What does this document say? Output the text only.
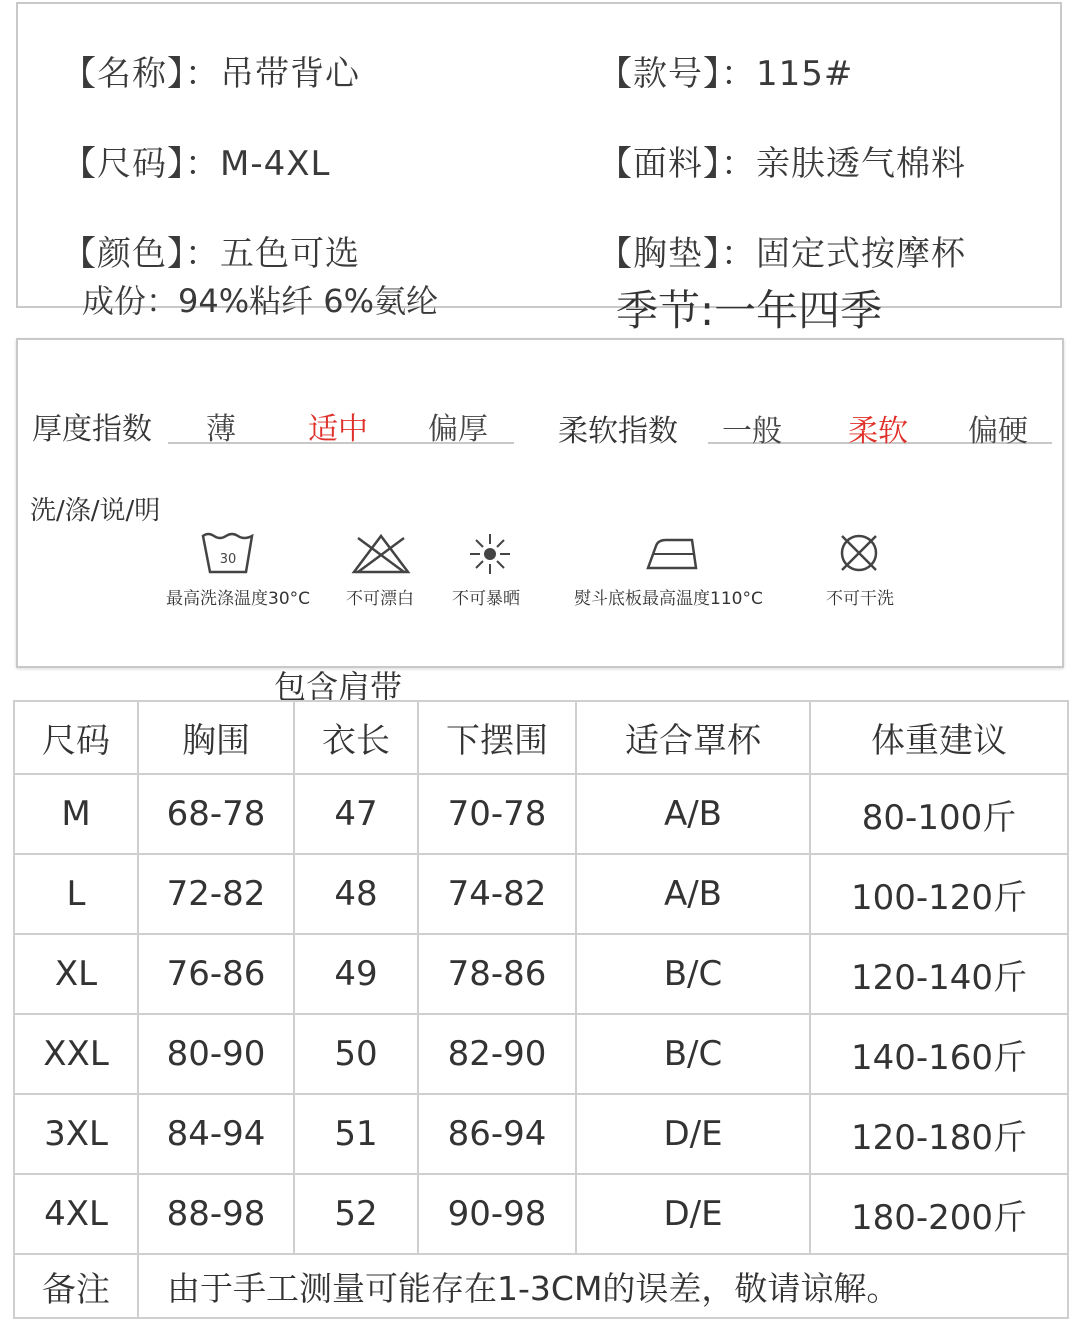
【名称】：吊带背心	【款号】：115#
【尺码】：M-4XL	【面料】：亲肤透气棉料
【颜色】：五色可选	【胸垫】：固定式按摩杯
成份：94%粘纤 6%氨纶	季节:一年四季
厚度指数 薄 适中 偏厚 柔软指数 一般 柔软 偏硬
洗/涤/说/明
30
最高洗涤温度30°C 不可漂白 不可暴晒	熨斗底板最高温度110°C	不可干洗
包含肩带
尺码	胸围	衣长	下摆围	适合罩杯	体重建议
M	68-78	47	70-78	A/B	80-100斤
L	72-82	48	74-82	A/B	100-120斤
XL	76-86	49	78-86	B/C	120-140斤
XXL	80-90	50	82-90	B/C	140-160斤
3XL	84-94	51	86-94	D/E	120-180斤
4XL	88-98	52	90-98	D/E	180-200斤
备注	由于手工测量可能存在1-3CM的误差，敬请谅解。				
